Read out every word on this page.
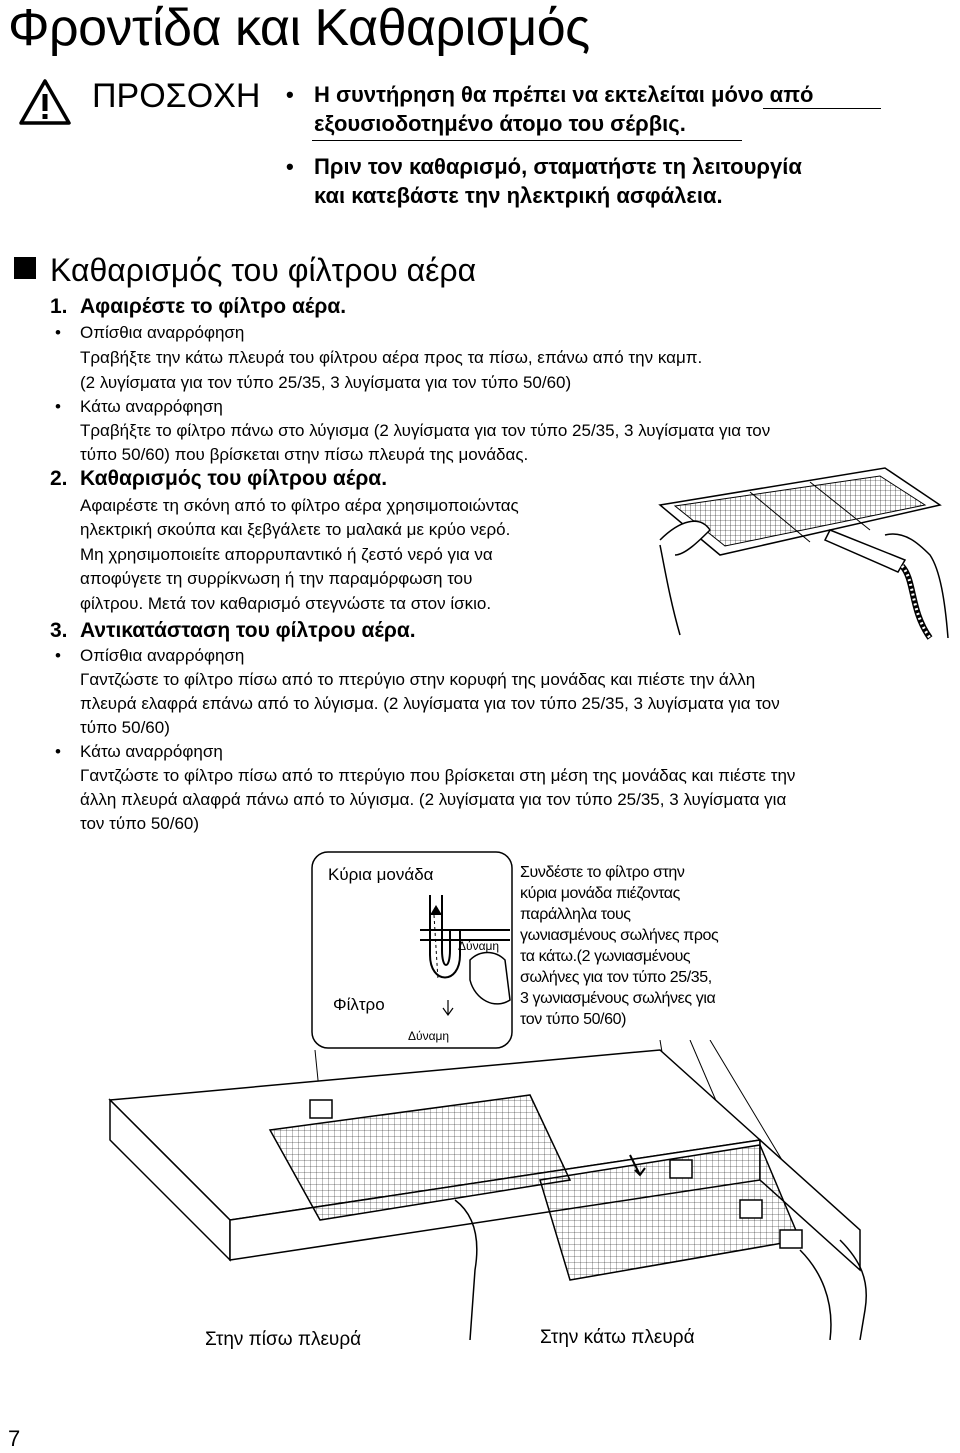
Φροντίδα και Καθαρισμός
ΠΡΟΣΟΧΗ • Η συντήρηση θα πρέπει να εκτελείται μόνο από
εξουσιοδοτημένο άτομο του σέρβις.
• Πριν τον καθαρισμό, σταματήστε τη λειτουργία
και κατεβάστε την ηλεκτρική ασφάλεια.
Καθαρισμός του φίλτρου αέρα
1. Αφαιρέστε το φίλτρο αέρα.
• Οπίσθια αναρρόφηση
Τραβήξτε την κάτω πλευρά του φίλτρου αέρα προς τα πίσω, επάνω από την καμπ.
(2 λυγίσματα για τον τύπο 25/35, 3 λυγίσματα για τον τύπο 50/60)
• Κάτω αναρρόφηση
Τραβήξτε το φίλτρο πάνω στο λύγισμα (2 λυγίσματα για τον τύπο 25/35, 3 λυγίσματα για τον
τύπο 50/60) που βρίσκεται στην πίσω πλευρά της μονάδας.
2. Καθαρισμός του φίλτρου αέρα.
Αφαιρέστε τη σκόνη από το φίλτρο αέρα χρησιμοποιώντας
ηλεκτρική σκούπα και ξεβγάλετε το μαλακά με κρύο νερό.
Μη χρησιμοποιείτε απορρυπαντικό ή ζεστό νερό για να
αποφύγετε τη συρρίκνωση ή την παραμόρφωση του
φίλτρου. Μετά τον καθαρισμό στεγνώστε τα στον ίσκιο.
3. Αντικατάσταση του φίλτρου αέρα.
• Οπίσθια αναρρόφηση
Γαντζώστε το φίλτρο πίσω από το πτερύγιο στην κορυφή της μονάδας και πιέστε την άλλη
πλευρά ελαφρά επάνω από το λύγισμα. (2 λυγίσματα για τον τύπο 25/35, 3 λυγίσματα για τον
τύπο 50/60)
• Κάτω αναρρόφηση
Γαντζώστε το φίλτρο πίσω από το πτερύγιο που βρίσκεται στη μέση της μονάδας και πιέστε την
άλλη πλευρά αλαφρά πάνω από το λύγισμα. (2 λυγίσματα για τον τύπο 25/35, 3 λυγίσματα για
τον τύπο 50/60)
Κύρια μονάδα
Δύναμη
Φίλτρο
Δύναμη
Συνδέστε το φίλτρο στην
κύρια μονάδα πιέζοντας
παράλληλα τους
γωνιασμένους σωλήνες προς
τα κάτω.(2 γωνιασμένους
σωλήνες για τον τύπο 25/35,
3 γωνιασμένους σωλήνες για
τον τύπο 50/60)
Στην πίσω πλευρά	Στην κάτω πλευρά
7
